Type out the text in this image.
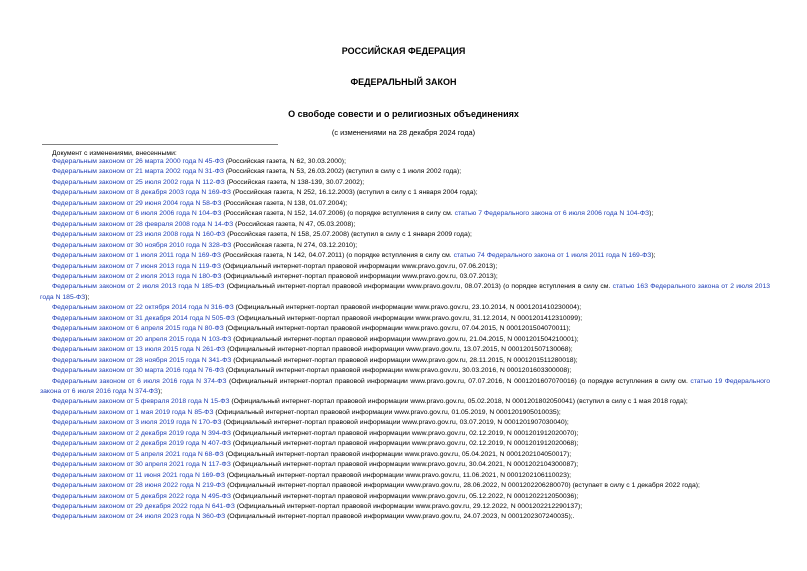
РОССИЙСКАЯ ФЕДЕРАЦИЯ

ФЕДЕРАЛЬНЫЙ ЗАКОН

О свободе совести и о религиозных объединениях

(с изменениями на 28 декабря 2024 года)

Документ с изменениями, внесенными:

Федеральным законом от 26 марта 2000 года N 45-ФЗ (Российская газета, N 62, 30.03.2000);

Федеральным законом от 21 марта 2002 года N 31-ФЗ (Российская газета, N 53, 26.03.2002) (вступил в силу с 1 июля 2002 года);

Федеральным законом от 25 июля 2002 года N 112-ФЗ (Российская газета, N 138-139, 30.07.2002);

Федеральным законом от 8 декабря 2003 года N 169-ФЗ (Российская газета, N 252, 16.12.2003) (вступил в силу с 1 января 2004 года);

Федеральным законом от 29 июня 2004 года N 58-ФЗ (Российская газета, N 138, 01.07.2004);

Федеральным законом от 6 июля 2006 года N 104-ФЗ (Российская газета, N 152, 14.07.2006) (о порядке вступления в силу см. статью 7 Федерального закона от 6 июля 2006 года N 104-ФЗ);

Федеральным законом от 28 февраля 2008 года N 14-ФЗ (Российская газета, N 47, 05.03.2008);

Федеральным законом от 23 июля 2008 года N 160-ФЗ (Российская газета, N 158, 25.07.2008) (вступил в силу с 1 января 2009 года);

Федеральным законом от 30 ноября 2010 года N 328-ФЗ (Российская газета, N 274, 03.12.2010);

Федеральным законом от 1 июля 2011 года N 169-ФЗ (Российская газета, N 142, 04.07.2011) (о порядке вступления в силу см. статью 74 Федерального закона от 1 июля 2011 года N 169-ФЗ);

Федеральным законом от 7 июня 2013 года N 119-ФЗ (Официальный интернет-портал правовой информации www.pravo.gov.ru, 07.06.2013);

Федеральным законом от 2 июля 2013 года N 180-ФЗ (Официальный интернет-портал правовой информации www.pravo.gov.ru, 03.07.2013);

Федеральным законом от 2 июля 2013 года N 185-ФЗ (Официальный интернет-портал правовой информации www.pravo.gov.ru, 08.07.2013) (о порядке вступления в силу см. статью 163 Федерального закона от 2 июля 2013 года N 185-ФЗ);

Федеральным законом от 22 октября 2014 года N 316-ФЗ (Официальный интернет-портал правовой информации www.pravo.gov.ru, 23.10.2014, N 0001201410230004);

Федеральным законом от 31 декабря 2014 года N 505-ФЗ (Официальный интернет-портал правовой информации www.pravo.gov.ru, 31.12.2014, N 0001201412310099);

Федеральным законом от 6 апреля 2015 года N 80-ФЗ (Официальный интернет-портал правовой информации www.pravo.gov.ru, 07.04.2015, N 0001201504070011);

Федеральным законом от 20 апреля 2015 года N 103-ФЗ (Официальный интернет-портал правовой информации www.pravo.gov.ru, 21.04.2015, N 0001201504210001);

Федеральным законом от 13 июля 2015 года N 261-ФЗ (Официальный интернет-портал правовой информации www.pravo.gov.ru, 13.07.2015, N 0001201507130068);

Федеральным законом от 28 ноября 2015 года N 341-ФЗ (Официальный интернет-портал правовой информации www.pravo.gov.ru, 28.11.2015, N 0001201511280018);

Федеральным законом от 30 марта 2016 года N 76-ФЗ (Официальный интернет-портал правовой информации www.pravo.gov.ru, 30.03.2016, N 0001201603300008);

Федеральным законом от 6 июля 2016 года N 374-ФЗ (Официальный интернет-портал правовой информации www.pravo.gov.ru, 07.07.2016, N 0001201607070016) (о порядке вступления в силу см. статью 19 Федерального закона от 6 июля 2016 года N 374-ФЗ);

Федеральным законом от 5 февраля 2018 года N 15-ФЗ (Официальный интернет-портал правовой информации www.pravo.gov.ru, 05.02.2018, N 0001201802050041) (вступил в силу с 1 мая 2018 года);

Федеральным законом от 1 мая 2019 года N 85-ФЗ (Официальный интернет-портал правовой информации www.pravo.gov.ru, 01.05.2019, N 0001201905010035);

Федеральным законом от 3 июля 2019 года N 170-ФЗ (Официальный интернет-портал правовой информации www.pravo.gov.ru, 03.07.2019, N 0001201907030040);

Федеральным законом от 2 декабря 2019 года N 394-ФЗ (Официальный интернет-портал правовой информации www.pravo.gov.ru, 02.12.2019, N 0001201912020070);

Федеральным законом от 2 декабря 2019 года N 407-ФЗ (Официальный интернет-портал правовой информации www.pravo.gov.ru, 02.12.2019, N 0001201912020068);

Федеральным законом от 5 апреля 2021 года N 68-ФЗ (Официальный интернет-портал правовой информации www.pravo.gov.ru, 05.04.2021, N 0001202104050017);

Федеральным законом от 30 апреля 2021 года N 117-ФЗ (Официальный интернет-портал правовой информации www.pravo.gov.ru, 30.04.2021, N 0001202104300087);

Федеральным законом от 11 июня 2021 года N 169-ФЗ (Официальный интернет-портал правовой информации www.pravo.gov.ru, 11.06.2021, N 0001202106110023);

Федеральным законом от 28 июня 2022 года N 219-ФЗ (Официальный интернет-портал правовой информации www.pravo.gov.ru, 28.06.2022, N 0001202206280070) (вступает в силу с 1 декабря 2022 года);

Федеральным законом от 5 декабря 2022 года N 495-ФЗ (Официальный интернет-портал правовой информации www.pravo.gov.ru, 05.12.2022, N 0001202212050036);

Федеральным законом от 29 декабря 2022 года N 641-ФЗ (Официальный интернет-портал правовой информации www.pravo.gov.ru, 29.12.2022, N 0001202212290137);

Федеральным законом от 24 июля 2023 года N 360-ФЗ (Официальный интернет-портал правовой информации www.pravo.gov.ru, 24.07.2023, N 0001202307240035);.
